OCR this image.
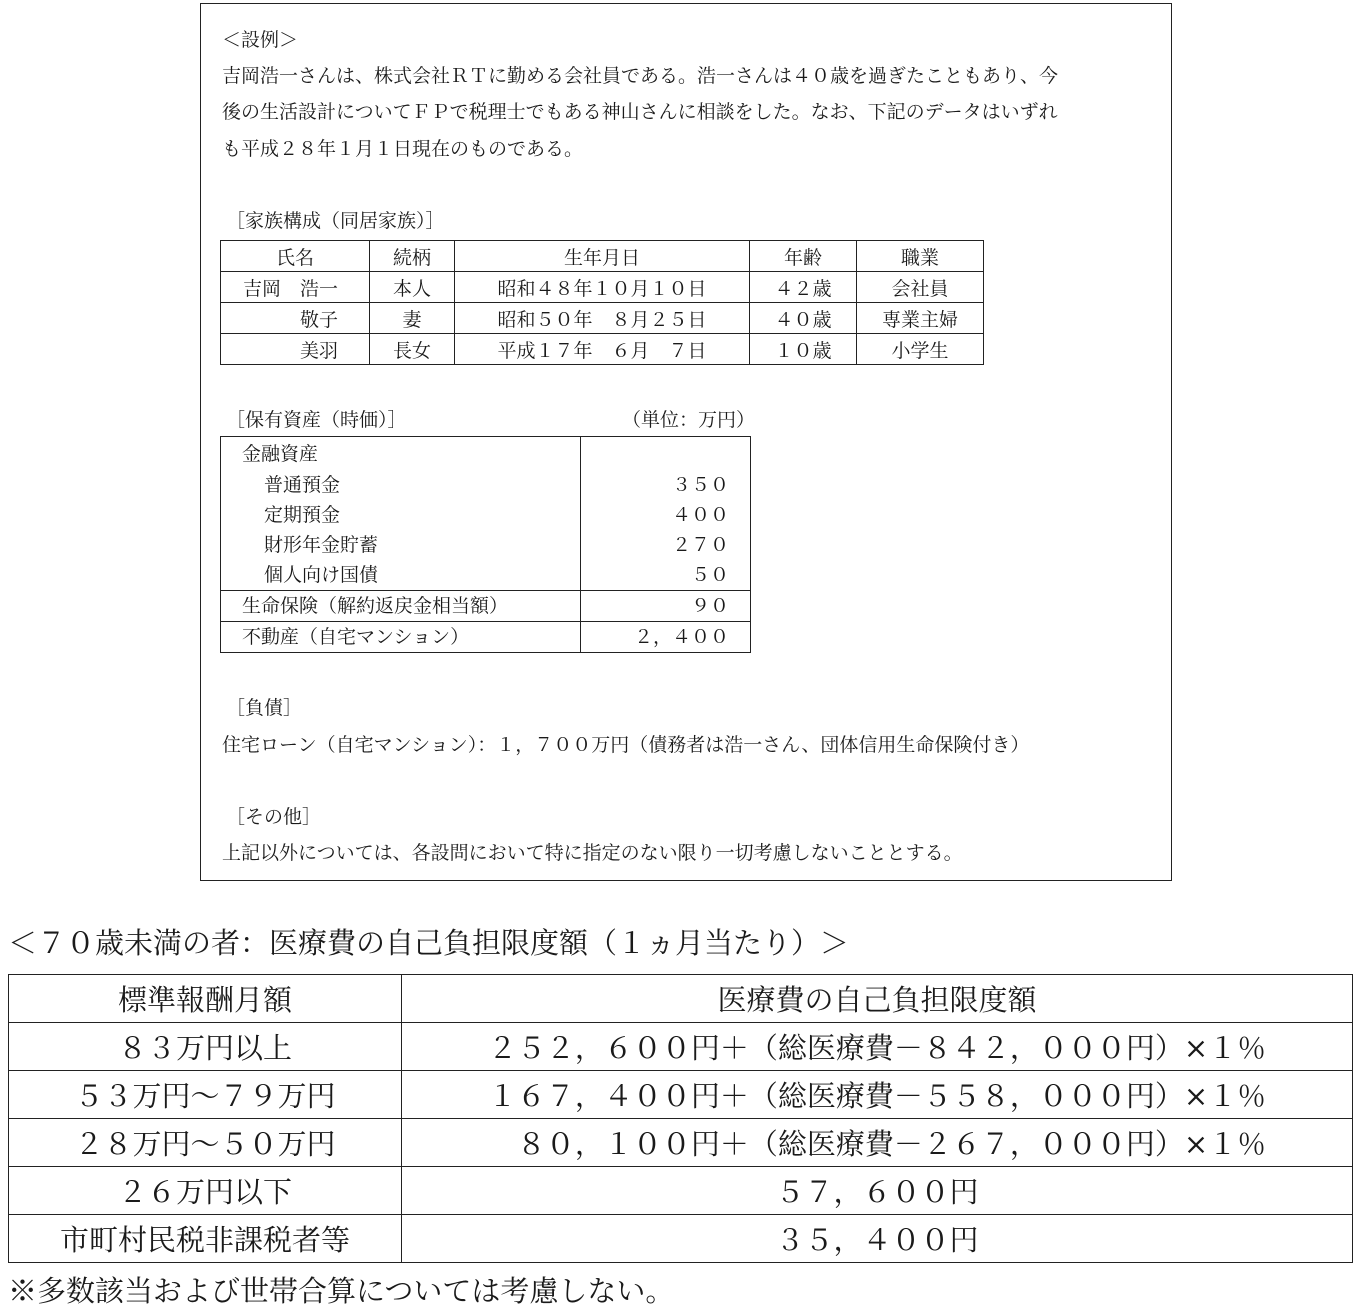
＜設例＞
吉岡浩一さんは、株式会社ＲＴに勤める会社員である。浩一さんは４０歳を過ぎたこともあり、今
後の生活設計についてＦＰで税理士でもある神山さんに相談をした。なお、下記のデータはいずれ
も平成２８年１月１日現在のものである。
［家族構成（同居家族）］
氏名	続柄	生年月日	年齢	職業
吉岡　浩一	本人	昭和４８年１０月１０日	４２歳	会社員
　　　敬子	妻	昭和５０年　８月２５日	４０歳	専業主婦
　　　美羽	長女	平成１７年　６月　７日	１０歳	小学生
［保有資産（時価）］	（単位：万円）
金融資産
普通預金	３５０
定期預金	４００
財形年金貯蓄	２７０
個人向け国債	５０
生命保険（解約返戻金相当額）	９０
不動産（自宅マンション）	２，４００
［負債］
住宅ローン（自宅マンション）：１，７００万円（債務者は浩一さん、団体信用生命保険付き）
［その他］
上記以外については、各設問において特に指定のない限り一切考慮しないこととする。
＜７０歳未満の者：医療費の自己負担限度額（１ヵ月当たり）＞
標準報酬月額	医療費の自己負担限度額
８３万円以上	２５２，６００円＋（総医療費－８４２，０００円）×１％
５３万円～７９万円	１６７，４００円＋（総医療費－５５８，０００円）×１％
２８万円～５０万円	　８０，１００円＋（総医療費－２６７，０００円）×１％
２６万円以下	５７，６００円
市町村民税非課税者等	３５，４００円
※多数該当および世帯合算については考慮しない。
